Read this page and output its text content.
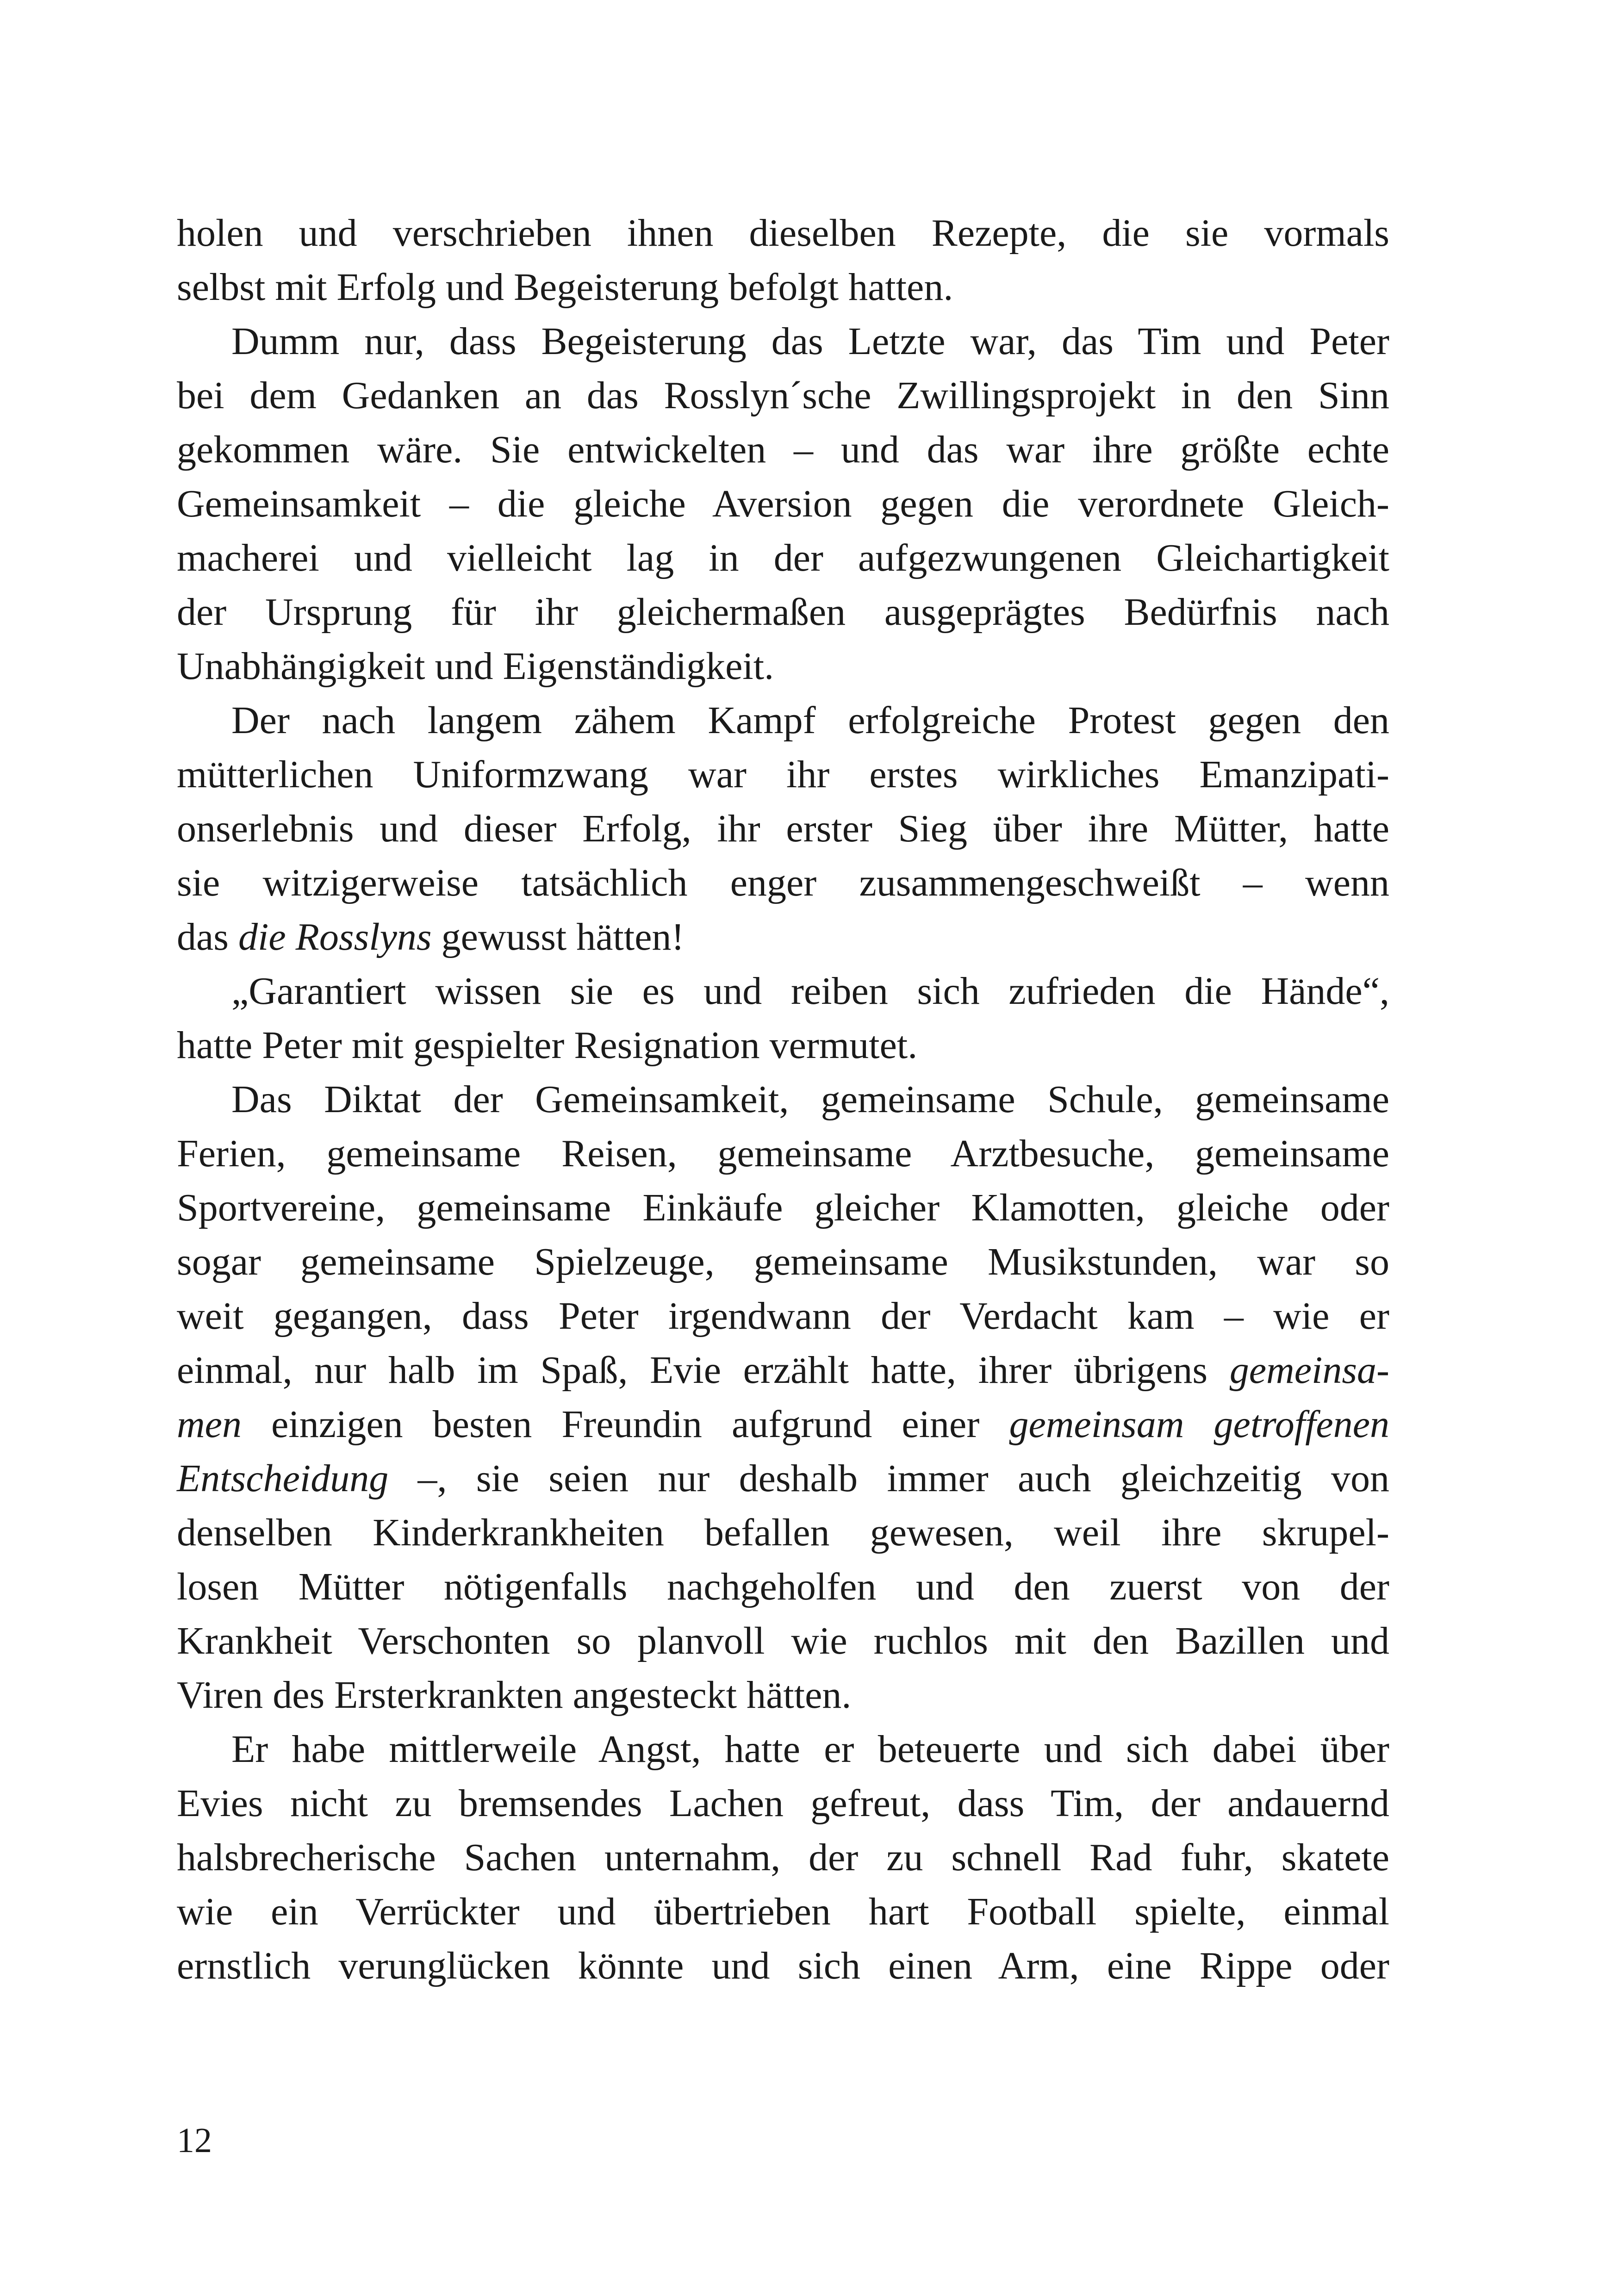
holen und verschrieben ihnen dieselben Rezepte, die sie vormals
selbst mit Erfolg und Begeisterung befolgt hatten.
Dumm nur, dass Begeisterung das Letzte war, das Tim und Peter
bei dem Gedanken an das Rosslyn´sche Zwillingsprojekt in den Sinn
gekommen wäre. Sie entwickelten – und das war ihre größte echte
Gemeinsamkeit – die gleiche Aversion gegen die verordnete Gleich-
macherei und vielleicht lag in der aufgezwungenen Gleichartigkeit
der Ursprung für ihr gleichermaßen ausgeprägtes Bedürfnis nach
Unabhängigkeit und Eigenständigkeit.
Der nach langem zähem Kampf erfolgreiche Protest gegen den
mütterlichen Uniformzwang war ihr erstes wirkliches Emanzipati-
onserlebnis und dieser Erfolg, ihr erster Sieg über ihre Mütter, hatte
sie witzigerweise tatsächlich enger zusammengeschweißt – wenn
das die Rosslyns gewusst hätten!
„Garantiert wissen sie es und reiben sich zufrieden die Hände“,
hatte Peter mit gespielter Resignation vermutet.
Das Diktat der Gemeinsamkeit, gemeinsame Schule, gemeinsame
Ferien, gemeinsame Reisen, gemeinsame Arztbesuche, gemeinsame
Sportvereine, gemeinsame Einkäufe gleicher Klamotten, gleiche oder
sogar gemeinsame Spielzeuge, gemeinsame Musikstunden, war so
weit gegangen, dass Peter irgendwann der Verdacht kam – wie er
einmal, nur halb im Spaß, Evie erzählt hatte, ihrer übrigens gemeinsa-
men einzigen besten Freundin aufgrund einer gemeinsam getroffenen
Entscheidung –, sie seien nur deshalb immer auch gleichzeitig von
denselben Kinderkrankheiten befallen gewesen, weil ihre skrupel-
losen Mütter nötigenfalls nachgeholfen und den zuerst von der
Krankheit Verschonten so planvoll wie ruchlos mit den Bazillen und
Viren des Ersterkrankten angesteckt hätten.
Er habe mittlerweile Angst, hatte er beteuerte und sich dabei über
Evies nicht zu bremsendes Lachen gefreut, dass Tim, der andauernd
halsbrecherische Sachen unternahm, der zu schnell Rad fuhr, skatete
wie ein Verrückter und übertrieben hart Football spielte, einmal
ernstlich verunglücken könnte und sich einen Arm, eine Rippe oder
12
